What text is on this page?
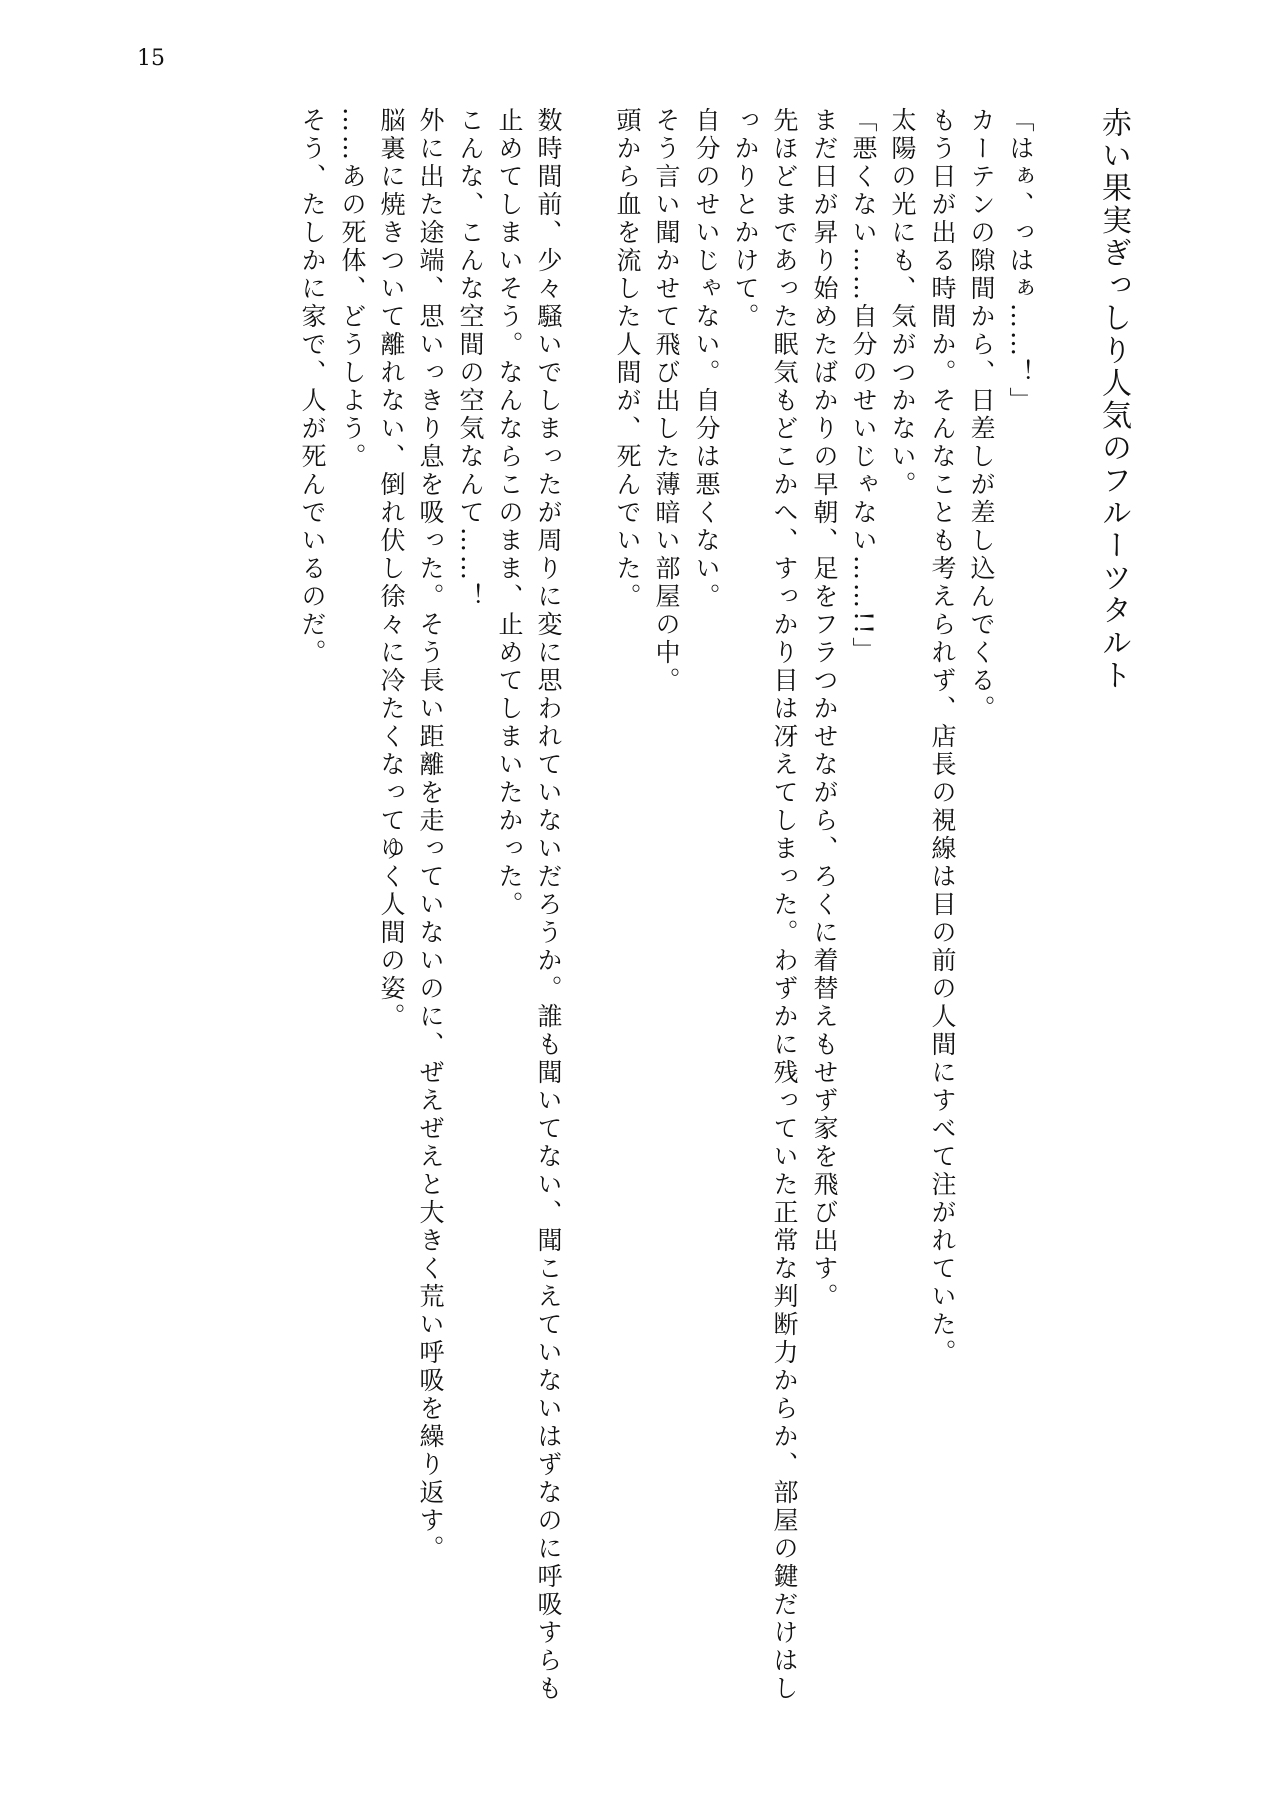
15
赤い果実ぎっしり人気のフルーツタルト
「はぁ、っはぁ……！」
カーテンの隙間から、日差しが差し込んでくる。
もう日が出る時間か。そんなことも考えられず、店長の視線は目の前の人間にすべて注がれていた。
太陽の光にも、気がつかない。
「悪くない……自分のせいじゃない……!!」
まだ日が昇り始めたばかりの早朝、足をフラつかせながら、ろくに着替えもせず家を飛び出す。
先ほどまであった眠気もどこかへ、すっかり目は冴えてしまった。わずかに残っていた正常な判断力からか、部屋の鍵だけはし
っかりとかけて。
自分のせいじゃない。自分は悪くない。
そう言い聞かせて飛び出した薄暗い部屋の中。
頭から血を流した人間が、死んでいた。
数時間前、少々騒いでしまったが周りに変に思われていないだろうか。誰も聞いてない、聞こえていないはずなのに呼吸すらも
止めてしまいそう。なんならこのまま、止めてしまいたかった。
こんな、こんな空間の空気なんて……！
外に出た途端、思いっきり息を吸った。そう長い距離を走っていないのに、ぜえぜえと大きく荒い呼吸を繰り返す。
脳裏に焼きついて離れない、倒れ伏し徐々に冷たくなってゆく人間の姿。
……あの死体、どうしよう。
そう、たしかに家で、人が死んでいるのだ。
